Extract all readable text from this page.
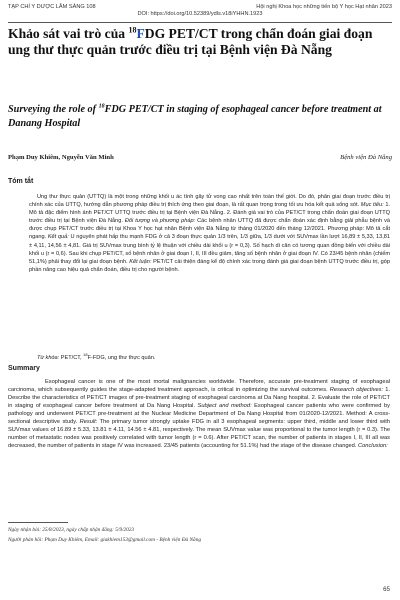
TẠP CHÍ Y DƯỢC LÂM SÀNG 108	Hội nghị Khoa học những tiến bộ Y học Hạt nhân 2023
DOI: https://doi.org/10.52389/ydls.v18iYHHN.1923
Khảo sát vai trò của $^{18}$FDG PET/CT trong chẩn đoán giai đoạn ung thư thực quản trước điều trị tại Bệnh viện Đà Nẵng
Surveying the role of $^{18}$FDG PET/CT in staging of esophageal cancer before treatment at Danang Hospital
Phạm Duy Khiêm, Nguyễn Văn Minh	Bệnh viện Đà Nẵng
Tóm tắt

Ung thư thực quản (UTTQ) là một trong những khối u ác tính gây tử vong cao nhất trên toàn thế giới. Do đó, phân giai đoạn trước điều trị chính xác của UTTQ, hướng dẫn phương pháp điều trị thích ứng theo giai đoạn, là rất quan trọng trong tối ưu hóa kết quả sống sót. Mục tiêu: 1. Mô tả đặc điểm hình ảnh PET/CT UTTQ trước điều trị tại Bệnh viện Đà Nẵng. 2. Đánh giá vai trò của PET/CT trong chẩn đoán giai đoạn UTTQ trước điều trị tại Bệnh viện Đà Nẵng. Đối tượng và phương pháp: Các bệnh nhân UTTQ đã được chẩn đoán xác định bằng giải phẫu bệnh và được chụp PET/CT trước điều trị tại Khoa Y học hạt nhân Bệnh viện Đà Nẵng từ tháng 01/2020 đến tháng 12/2021. Phương pháp: Mô tả cắt ngang. Kết quả: U nguyên phát hấp thu mạnh FDG ở cả 3 đoạn thực quản 1/3 trên, 1/3 giữa, 1/3 dưới với SUVmax lần lượt 16,89 ± 5,33, 13,81 ± 4,11, 14,56 ± 4,81. Giá trị SUVmax trung bình tỷ lệ thuận với chiều dài khối u (r = 0,3). Số hạch di căn có tương quan đồng biến với chiều dài khối u (r = 0,6). Sau khi chụp PET/CT, số bệnh nhân ở giai đoạn I, II, III đều giảm, tăng số bệnh nhân ở giai đoạn IV. Có 23/45 bệnh nhân (chiếm 51,1%) phải thay đổi lại giai đoạn bệnh. Kết luận: PET/CT cải thiện đáng kể độ chính xác trong đánh giá giai đoạn bệnh UTTQ trước điều trị, góp phần nâng cao hiệu quả chẩn đoán, điều trị cho người bệnh.

Từ khóa: PET/CT, $^{18}$F-FDG, ung thư thực quản.
Summary

Esophageal cancer is one of the most mortal malignancies worldwide. Therefore, accurate pre-treatment staging of esophageal carcinoma, which subsequently guides the stage-adapted treatment approach, is critical in optimizing the survival outcomes. Research objectives: 1. Describe the characteristics of PET/CT images of pre-treatment staging of esophageal carcinoma at Da Nang hospital. 2. Evaluate the role of PET/CT in staging of esophageal cancer before treatment at Da Nang Hospital. Subject and method: Esophageal cancer patients who were confirmed by pathology and underwent PET/CT pre-treatment at the Nuclear Medicine Department of Da Nang Hospital from 01/2020-12/2021. Method: A cross-sectional descriptive study. Result: The primary tumor strongly uptake FDG in all 3 esophageal segments: upper third, middle and lower third with SUVmax values of 16.89 ± 5.33, 13.81 ± 4.11, 14.56 ± 4.81, respectively. The mean SUVmax value was proportional to the tumor length (r = 0.3). The number of metastatic nodes was positively correlated with tumor length (r = 0.6). After PET/CT scan, the number of patients in stages I, II, III all was decreased, the number of patients in stage IV was increased. 23/45 patients (accounting for 51.1%) had the stage of the disease changed. Conclusion:

Ngày nhận bài: 25/8/2023, ngày chấp nhận đăng: 5/9/2023
Người phản hồi: Phạm Duy Khiêm, Email: giakhiem153@gmail.com - Bệnh viện Đà Nẵng
65
